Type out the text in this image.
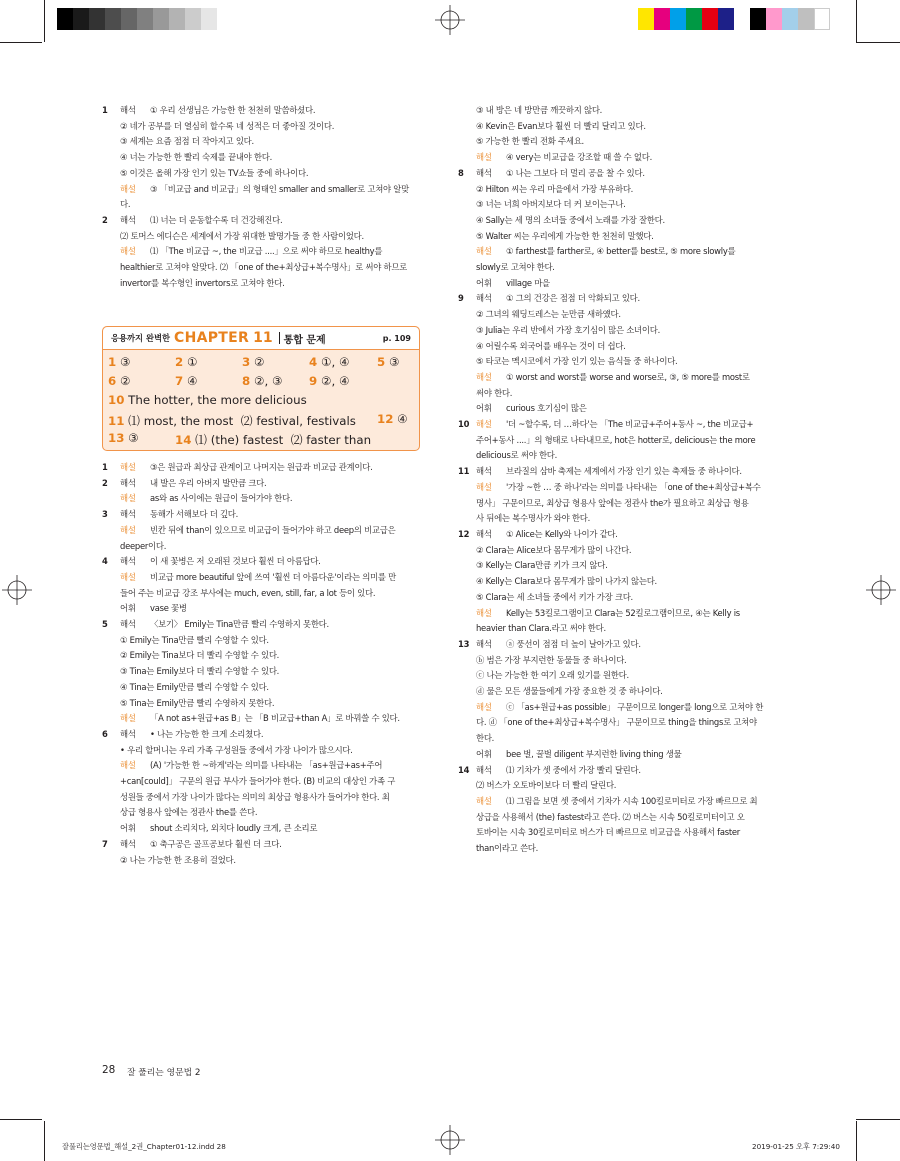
1	해석	① 우리 선생님은 가능한 한 천천히 말씀하셨다.
② 네가 공부를 더 열심히 할수록 네 성적은 더 좋아질 것이다.
③ 세계는 요즘 점점 더 작아지고 있다.
④ 너는 가능한 한 빨리 숙제를 끝내야 한다.
⑤ 이것은 올해 가장 인기 있는 TV쇼들 중에 하나이다.
해설	③ 「비교급 and 비교급」의 형태인 smaller and smaller로 고쳐야 알맞
다.
2	해석	⑴ 너는 더 운동할수록 더 건강해진다.
⑵ 토머스 에디슨은 세계에서 가장 위대한 발명가들 중 한 사람이었다.
해설	⑴ 「The 비교급 ~, the 비교급 ....」으로 써야 하므로 healthy를
healthier로 고쳐야 알맞다. ⑵ 「one of the+최상급+복수명사」로 써야 하므로
invertor를 복수형인 invertors로 고쳐야 한다.
응용까지 완벽한 CHAPTER 11 통합 문제	p. 109
1 ③	2 ①	3 ②	4 ①, ④ 5 ③
6 ②	7 ④	8 ②, ③ 9 ②, ④
10 The hotter, the more delicious
11 ⑴ most, the most ⑵ festival, festivals 12 ④
13 ③	14 ⑴ (the) fastest ⑵ faster than
1	해설	③은 원급과 최상급 관계이고 나머지는 원급과 비교급 관계이다.
2	해석	내 발은 우리 아버지 발만큼 크다.
해설	as와 as 사이에는 원급이 들어가야 한다.
3	해석	동해가 서해보다 더 깊다.
해설	빈칸 뒤에 than이 있으므로 비교급이 들어가야 하고 deep의 비교급은
deeper이다.
4	해석	이 새 꽃병은 저 오래된 것보다 훨씬 더 아름답다.
해설	비교급 more beautiful 앞에 쓰여 '훨씬 더 아름다운'이라는 의미를 만
들어 주는 비교급 강조 부사에는 much, even, still, far, a lot 등이 있다.
어휘	vase 꽃병
5	해석	〈보기〉 Emily는 Tina만큼 빨리 수영하지 못한다.
① Emily는 Tina만큼 빨리 수영할 수 있다.
② Emily는 Tina보다 더 빨리 수영할 수 있다.
③ Tina는 Emily보다 더 빨리 수영할 수 있다.
④ Tina는 Emily만큼 빨리 수영할 수 있다.
⑤ Tina는 Emily만큼 빨리 수영하지 못한다.
해설	「A not as+원급+as B」는 「B 비교급+than A」로 바꿔쓸 수 있다.
6	해석	• 나는 가능한 한 크게 소리쳤다.
• 우리 할머니는 우리 가족 구성원들 중에서 가장 나이가 많으시다.
해설	(A) '가능한 한 ~하게'라는 의미를 나타내는 「as+원급+as+주어
+can[could]」 구문의 원급 부사가 들어가야 한다. (B) 비교의 대상인 가족 구
성원들 중에서 가장 나이가 많다는 의미의 최상급 형용사가 들어가야 한다. 최
상급 형용사 앞에는 정관사 the를 쓴다.
어휘	shout 소리치다, 외치다 loudly 크게, 큰 소리로
7	해석	① 축구공은 골프공보다 훨씬 더 크다.
② 나는 가능한 한 조용히 걸었다.
③ 내 방은 네 방만큼 깨끗하지 않다.
④ Kevin은 Evan보다 훨씬 더 빨리 달리고 있다.
⑤ 가능한 한 빨리 전화 주세요.
해설	④ very는 비교급을 강조할 때 쓸 수 없다.
8	해석	① 나는 그보다 더 멀리 공을 찰 수 있다.
② Hilton 씨는 우리 마을에서 가장 부유하다.
③ 너는 너희 아버지보다 더 커 보이는구나.
④ Sally는 세 명의 소녀들 중에서 노래를 가장 잘한다.
⑤ Walter 씨는 우리에게 가능한 한 천천히 말했다.
해설	① farthest를 farther로, ④ better를 best로, ⑤ more slowly를
slowly로 고쳐야 한다.
어휘	village 마을
9	해석	① 그의 건강은 점점 더 악화되고 있다.
② 그녀의 웨딩드레스는 눈만큼 새하얬다.
③ Julia는 우리 반에서 가장 호기심이 많은 소녀이다.
④ 어릴수록 외국어를 배우는 것이 더 쉽다.
⑤ 타코는 멕시코에서 가장 인기 있는 음식들 중 하나이다.
해설	① worst and worst를 worse and worse로, ③, ⑤ more를 most로
써야 한다.
어휘	curious 호기심이 많은
10 해설	'더 ~할수록, 더 …하다'는 「The 비교급+주어+동사 ~, the 비교급+
주어+동사 ....」의 형태로 나타내므로, hot은 hotter로, delicious는 the more
delicious로 써야 한다.
11 해석	브라질의 삼바 축제는 세계에서 가장 인기 있는 축제들 중 하나이다.
해설	'가장 ~한 … 중 하나'라는 의미를 나타내는 「one of the+최상급+복수
명사」 구문이므로, 최상급 형용사 앞에는 정관사 the가 필요하고 최상급 형용
사 뒤에는 복수명사가 와야 한다.
12 해석	① Alice는 Kelly와 나이가 같다.
② Clara는 Alice보다 몸무게가 많이 나간다.
③ Kelly는 Clara만큼 키가 크지 않다.
④ Kelly는 Clara보다 몸무게가 많이 나가지 않는다.
⑤ Clara는 세 소녀들 중에서 키가 가장 크다.
해설	Kelly는 53킬로그램이고 Clara는 52킬로그램이므로, ④는 Kelly is
heavier than Clara.라고 써야 한다.
13 해석	ⓐ 풍선이 점점 더 높이 날아가고 있다.
ⓑ 범은 가장 부지런한 동물들 중 하나이다.
ⓒ 나는 가능한 한 여기 오래 있기를 원한다.
ⓓ 물은 모든 생물들에게 가장 중요한 것 중 하나이다.
해설	ⓒ 「as+원급+as possible」 구문이므로 longer를 long으로 고쳐야 한
다. ⓓ 「one of the+최상급+복수명사」 구문이므로 thing을 things로 고쳐야
한다.
어휘	bee 벌, 꿀벌 diligent 부지런한 living thing 생물
14 해석	⑴ 기차가 셋 중에서 가장 빨리 달린다.
⑵ 버스가 오토바이보다 더 빨리 달린다.
해설	⑴ 그림을 보면 셋 중에서 기차가 시속 100킬로미터로 가장 빠르므로 최
상급을 사용해서 (the) fastest라고 쓴다. ⑵ 버스는 시속 50킬로미터이고 오
토바이는 시속 30킬로미터로 버스가 더 빠르므로 비교급을 사용해서 faster
than이라고 쓴다.
28 잘 풀리는 영문법 2
잘풀리는영문법_해설_2권_Chapter01-12.indd 28	2019-01-25 오후 7:29:40
